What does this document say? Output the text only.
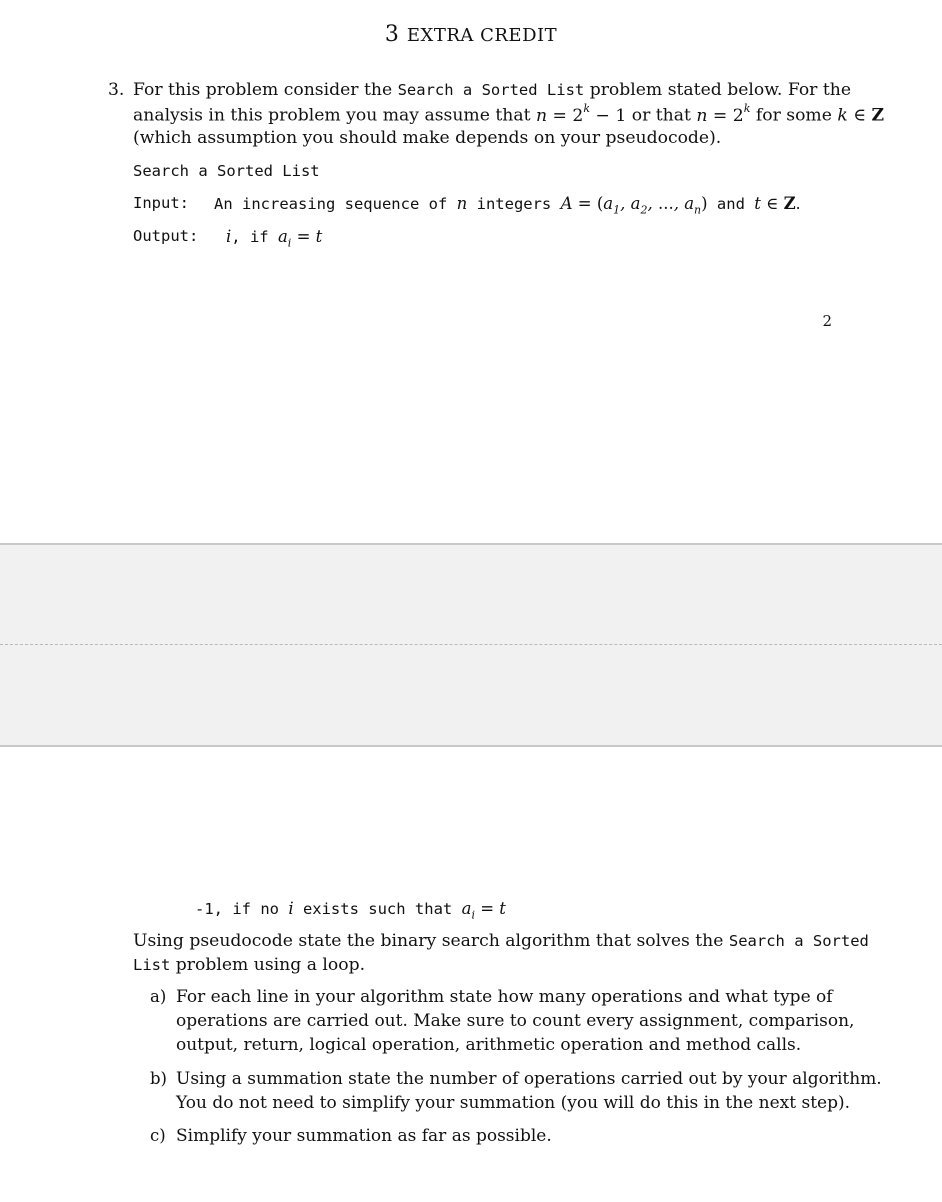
3 EXTRA CREDIT
3. For this problem consider the Search a Sorted List problem stated below. For the
analysis in this problem you may assume that $n = 2^k - 1$ or that $n = 2^k$ for some k ∈ Z
(which assumption you should make depends on your pseudocode).
Search a Sorted List
Input: An increasing sequence of n integers $A = (a_1$, $a_2$, ..., $a_n$) and t ∈ Z.
Output: i, if $a_i = t$
2
-1, if no i exists such that $a_i = t$
Using pseudocode state the binary search algorithm that solves the Search a Sorted
List problem using a loop.
a) For each line in your algorithm state how many operations and what type of
operations are carried out. Make sure to count every assignment, comparison,
output, return, logical operation, arithmetic operation and method calls.
b) Using a summation state the number of operations carried out by your algorithm.
You do not need to simplify your summation (you will do this in the next step).
c) Simplify your summation as far as possible.
